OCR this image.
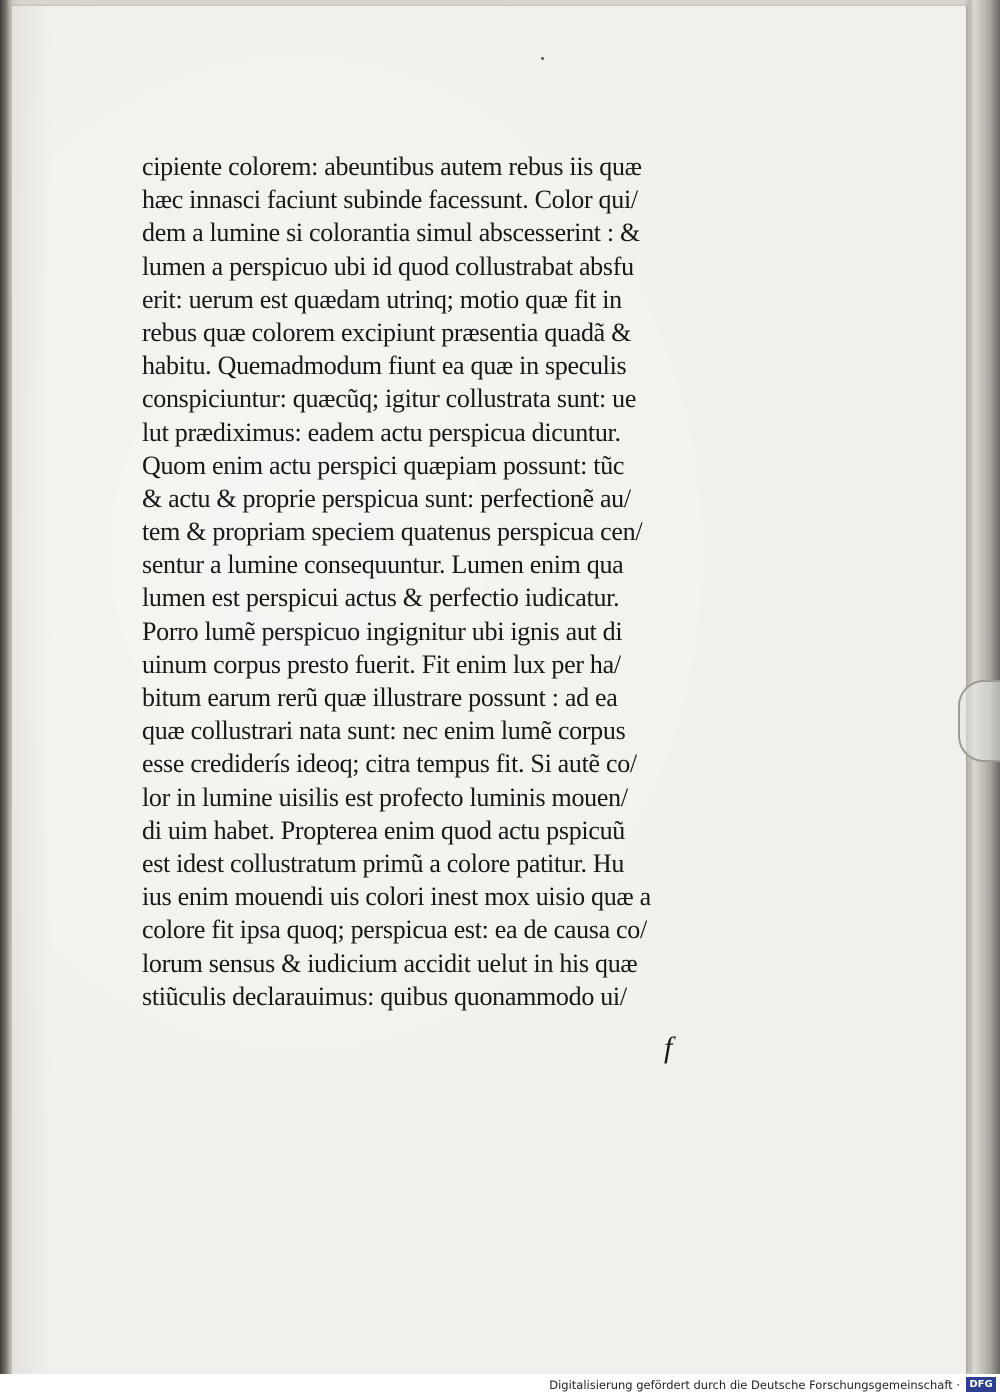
cipiente colorem: abeuntibus autem rebus iis quæ
hæc innasci faciunt subinde facessunt. Color qui/
dem a lumine si colorantia simul abscesserint : &
lumen a perspicuo ubi id quod collustrabat absfu
erit: uerum est quædam utrinq; motio quæ fit in
rebus quæ colorem excipiunt præsentia quadã &
habitu. Quemadmodum fiunt ea quæ in speculis
conspiciuntur: quæcũq; igitur collustrata sunt: ue
lut prædiximus: eadem actu perspicua dicuntur.
Quom enim actu perspici quæpiam possunt: tũc
& actu & proprie perspicua sunt: perfectionẽ au/
tem & propriam speciem quatenus perspicua cen/
sentur a lumine consequuntur. Lumen enim qua
lumen est perspicui actus & perfectio iudicatur.
Porro lumẽ perspicuo ingignitur ubi ignis aut di
uinum corpus presto fuerit. Fit enim lux per ha/
bitum earum rerũ quæ illustrare possunt : ad ea
quæ collustrari nata sunt: nec enim lumẽ corpus
esse crediderís ideoq; citra tempus fit. Si autẽ co/
lor in lumine uisilis est profecto luminis mouen/
di uim habet. Propterea enim quod actu pspicuũ
est idest collustratum primũ a colore patitur. Hu
ius enim mouendi uis colori inest mox uisio quæ a
colore fit ipsa quoq; perspicua est: ea de causa co/
lorum sensus & iudicium accidit uelut in his quæ
stiũculis declarauimus: quibus quonammodo ui/
f
Digitalisierung gefördert durch die Deutsche Forschungsgemeinschaft · DFG
